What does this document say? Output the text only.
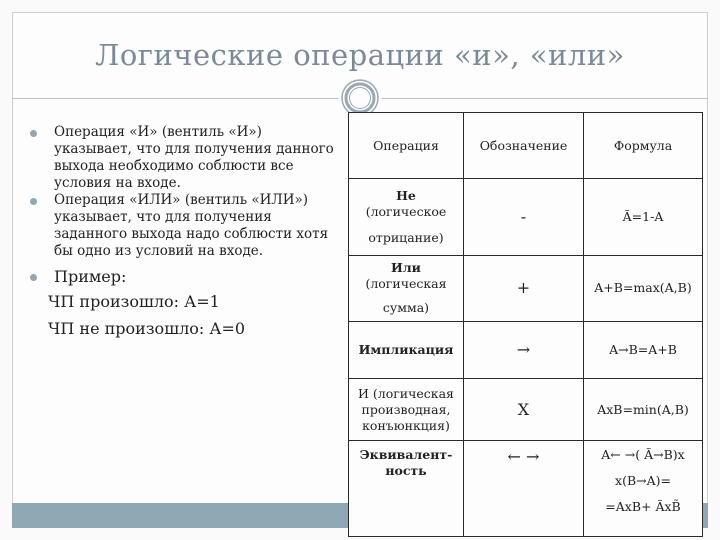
Логические операции «и», «или»
Операция «И» (вентиль «И») указывает, что для получения данного выхода необходимо соблюсти все условия на входе.
Операция «ИЛИ» (вентиль «ИЛИ») указывает, что для получения заданного выхода надо соблюсти хотя бы одно из условий на входе.
Пример:
ЧП произошло: А=1
ЧП не произошло: А=0
Операция	Обозначение	Формула

Не
(логическое
отрицание)	-	Ã=1-A

Или
(логическая
сумма)	+	A+B=max(A,B)
Импликация	→	A→B=A+B
И (логическая производная, конъюнкция)	X	AxB=min(A,B)
Эквивалент-ность	← →	A← →( Ã→B)x
x(B→A)=
=AxB+ ÃxB̃
